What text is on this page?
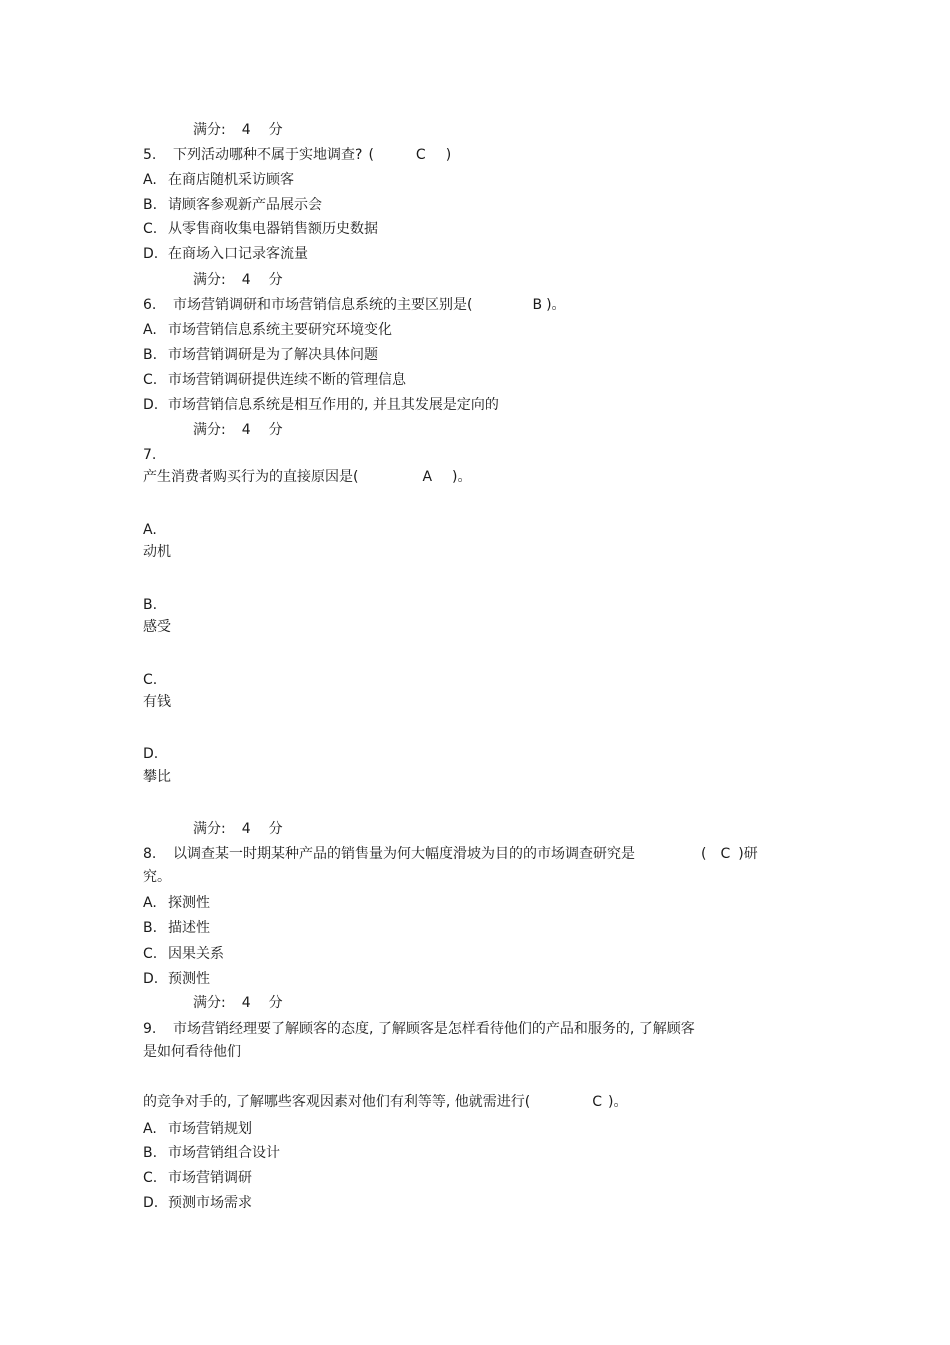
满分: 4 分
5. 下列活动哪种不属于实地调查? (	C )
A. 在商店随机采访顾客
B. 请顾客参观新产品展示会
C. 从零售商收集电器销售额历史数据
D. 在商场入口记录客流量
满分: 4 分
6. 市场营销调研和市场营销信息系统的主要区别是(	B )。
A. 市场营销信息系统主要研究环境变化
B. 市场营销调研是为了解决具体问题
C. 市场营销调研提供连续不断的管理信息
D. 市场营销信息系统是相互作用的, 并且其发展是定向的
满分: 4 分
7.
产生消费者购买行为的直接原因是(	A )。
A.
动机
B.
感受
C.
有钱
D.
攀比
满分: 4 分
8. 以调查某一时期某种产品的销售量为何大幅度滑坡为目的的市场调查研究是	( C )研
究。
A. 探测性
B. 描述性
C. 因果关系
D. 预测性
满分: 4 分
9. 市场营销经理要了解顾客的态度, 了解顾客是怎样看待他们的产品和服务的, 了解顾客
是如何看待他们
的竞争对手的, 了解哪些客观因素对他们有利等等, 他就需进行(	C )。
A. 市场营销规划
B. 市场营销组合设计
C. 市场营销调研
D. 预测市场需求
